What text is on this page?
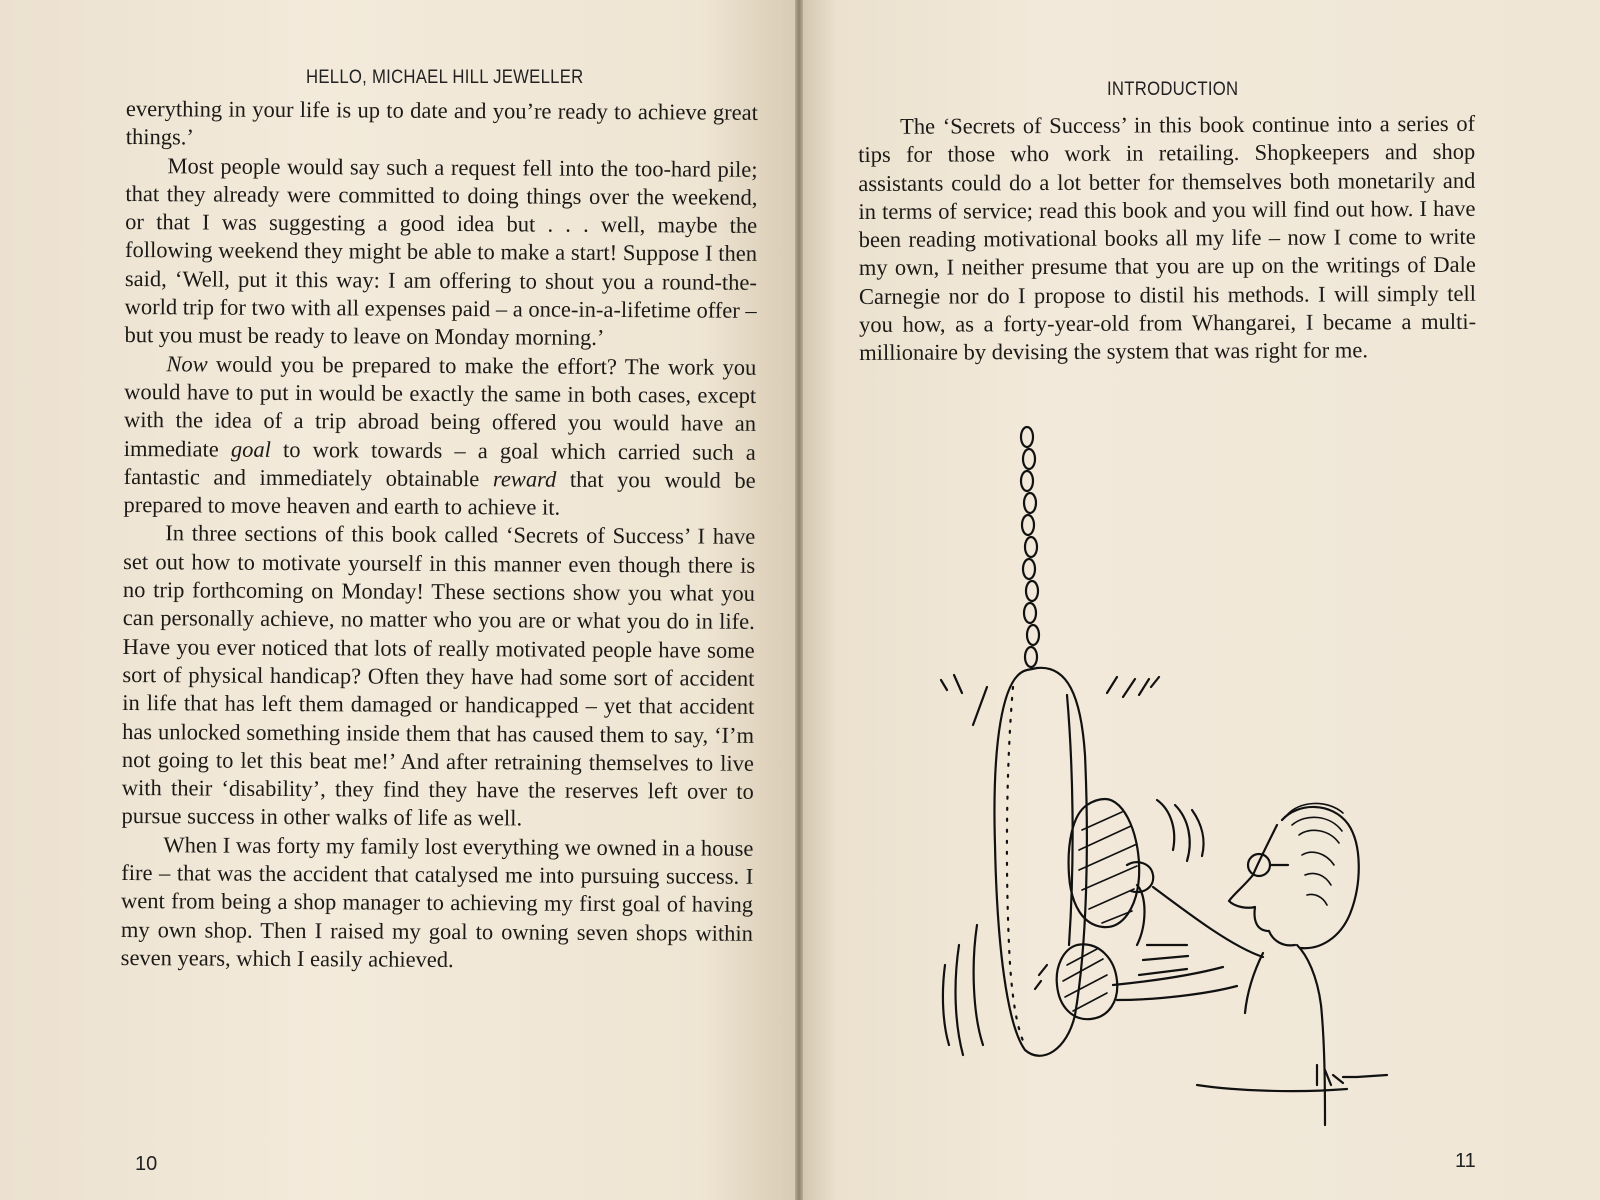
HELLO, MICHAEL HILL JEWELLER

everything in your life is up to date and you’re ready to achieve great things.’

Most people would say such a request fell into the too-hard pile; that they already were committed to doing things over the weekend, or that I was suggesting a good idea but . . . well, maybe the following weekend they might be able to make a start! Suppose I then said, ‘Well, put it this way: I am offering to shout you a round-the-world trip for two with all expenses paid – a once-in-a-lifetime offer – but you must be ready to leave on Monday morning.’

Now would you be prepared to make the effort? The work you would have to put in would be exactly the same in both cases, except with the idea of a trip abroad being offered you would have an immediate goal to work towards – a goal which carried such a fantastic and immediately obtainable reward that you would be prepared to move heaven and earth to achieve it.

In three sections of this book called ‘Secrets of Success’ I have set out how to motivate yourself in this manner even though there is no trip forthcoming on Monday! These sections show you what you can personally achieve, no matter who you are or what you do in life. Have you ever noticed that lots of really motivated people have some sort of physical handicap? Often they have had some sort of accident in life that has left them damaged or handicapped – yet that accident has unlocked something inside them that has caused them to say, ‘I’m not going to let this beat me!’ And after retraining themselves to live with their ‘disability’, they find they have the reserves left over to pursue success in other walks of life as well.

When I was forty my family lost everything we owned in a house fire – that was the accident that catalysed me into pursuing success. I went from being a shop manager to achieving my first goal of having my own shop. Then I raised my goal to owning seven shops within seven years, which I easily achieved.

10
INTRODUCTION

The ‘Secrets of Success’ in this book continue into a series of tips for those who work in retailing. Shopkeepers and shop assistants could do a lot better for themselves both monetarily and in terms of service; read this book and you will find out how. I have been reading motivational books all my life – now I come to write my own, I neither presume that you are up on the writings of Dale Carnegie nor do I propose to distil his methods. I will simply tell you how, as a forty-year-old from Whangarei, I became a multi-millionaire by devising the system that was right for me.

11
